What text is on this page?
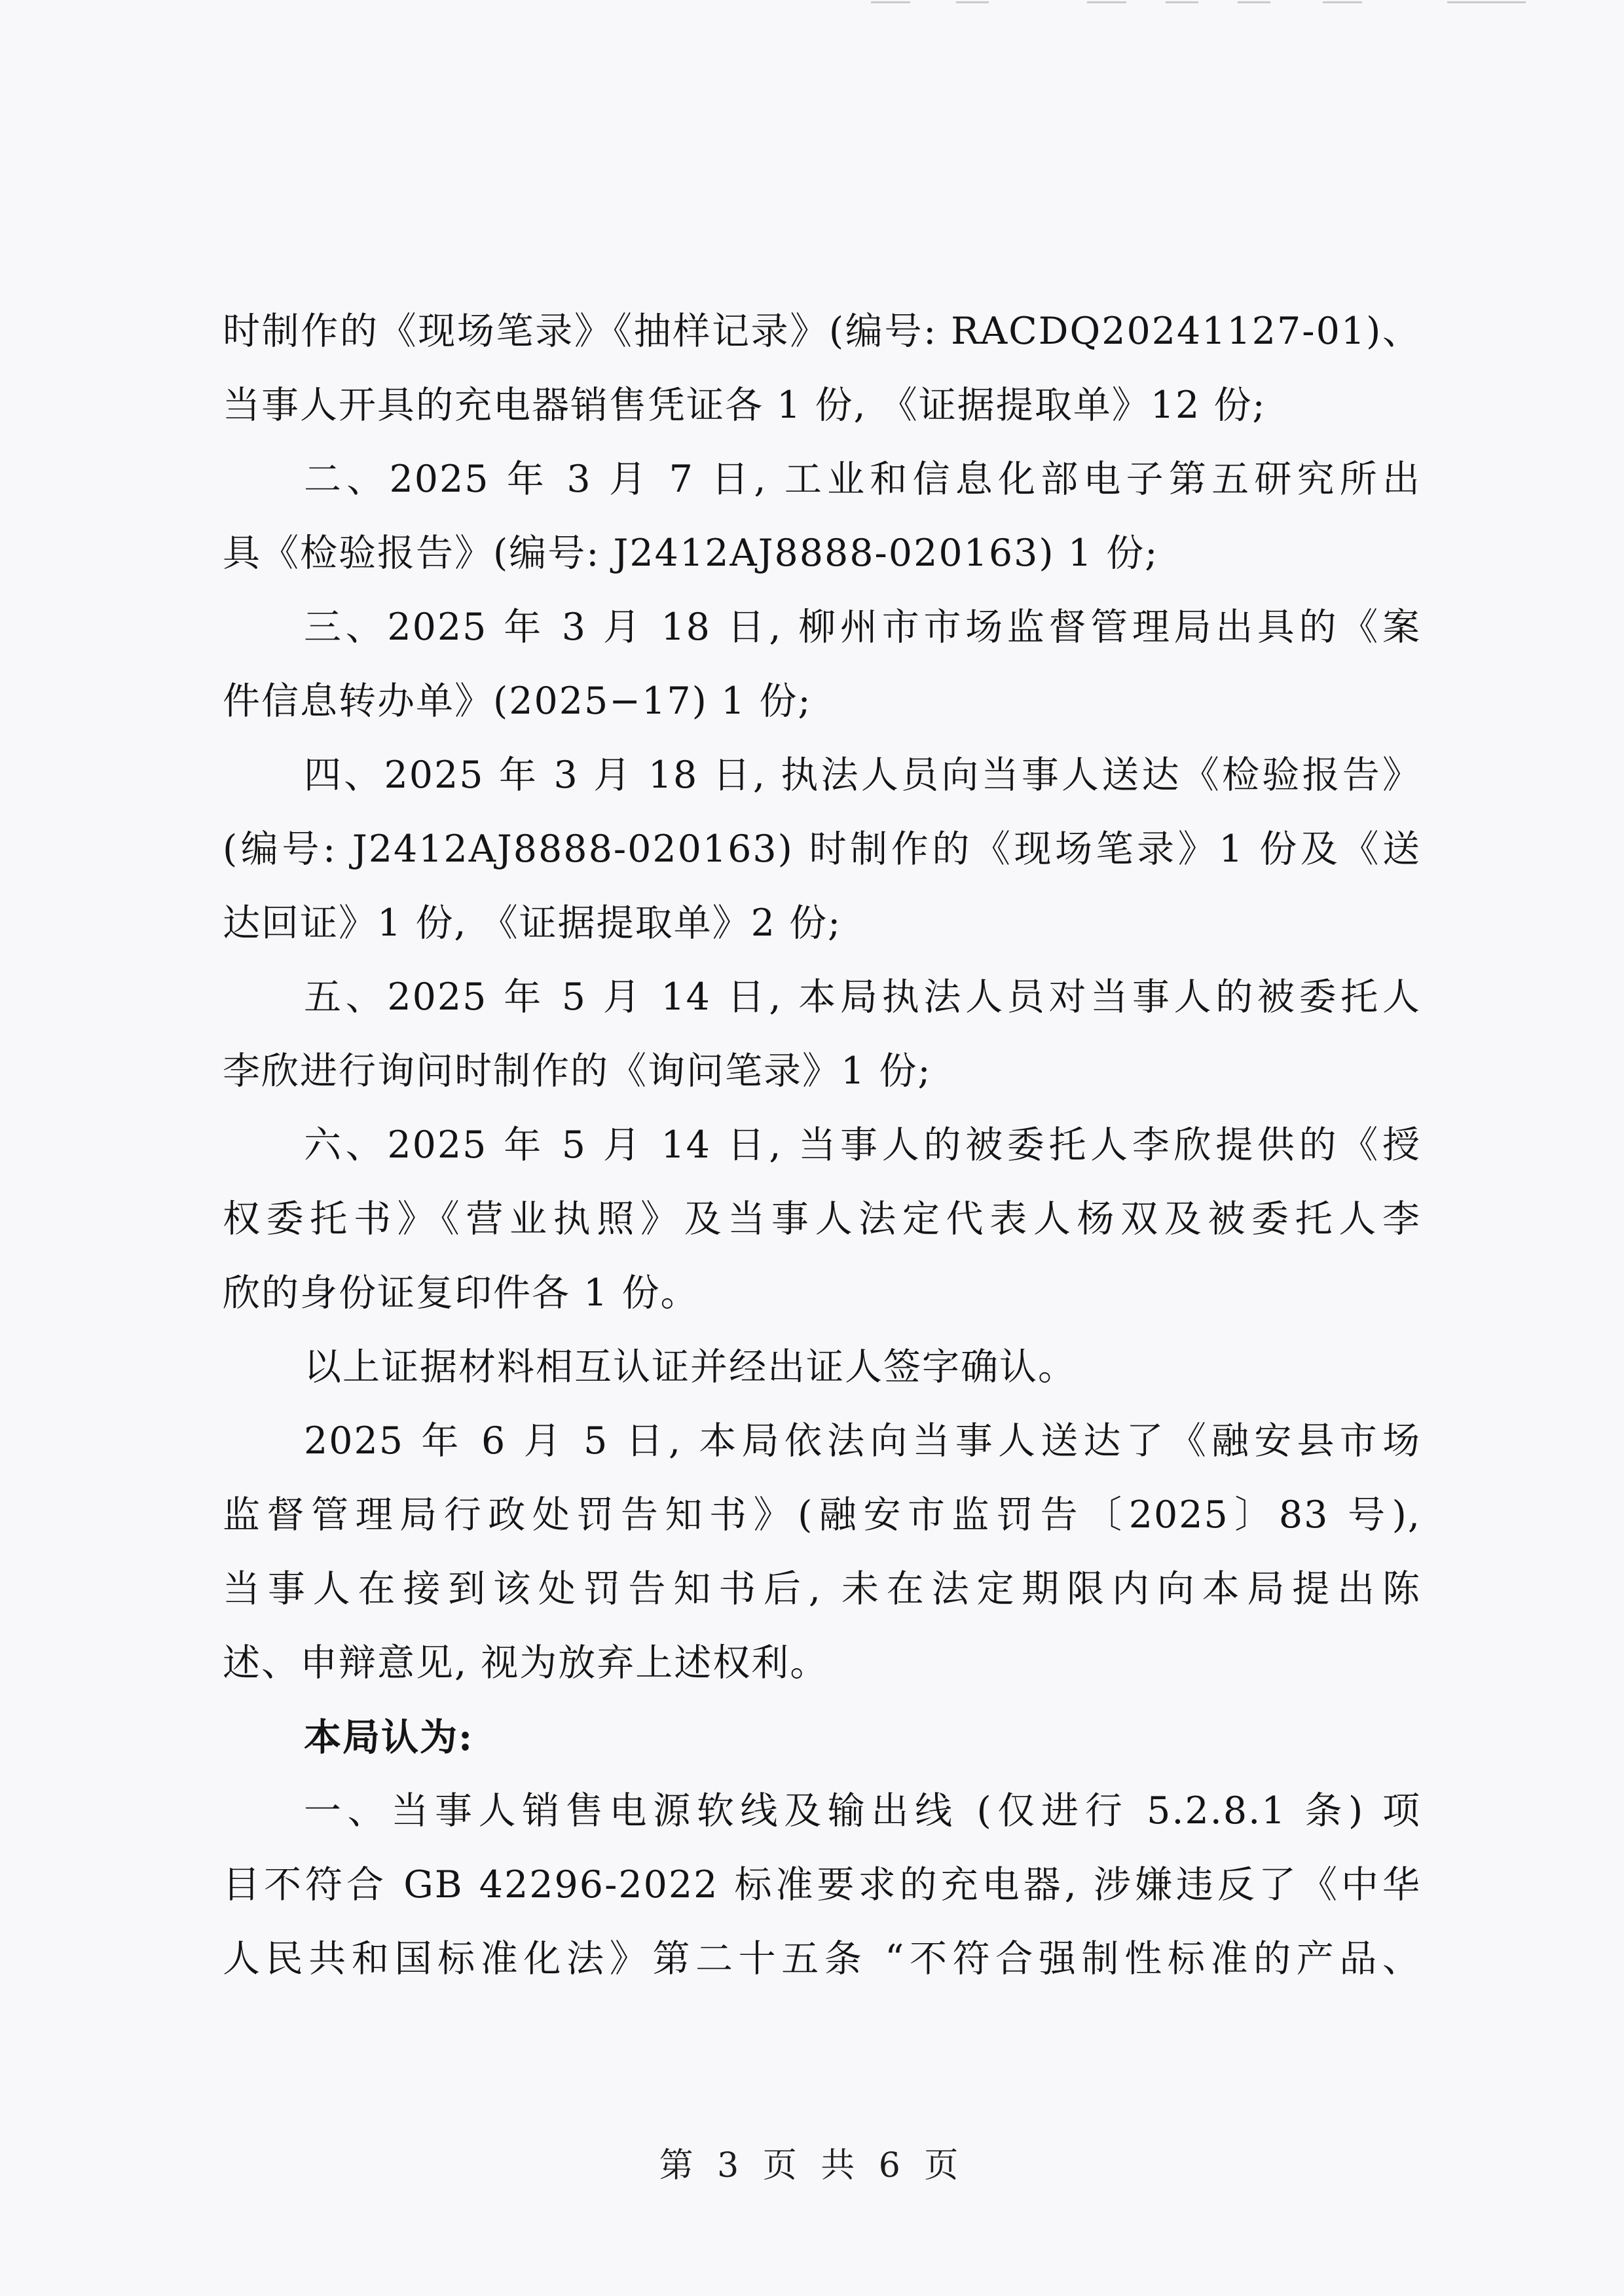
时制作的《现场笔录》《抽样记录》(编号: RACDQ20241127-01)、
当事人开具的充电器销售凭证各 1 份, 《证据提取单》12 份;
二、2025 年 3 月 7 日, 工业和信息化部电子第五研究所出
具《检验报告》(编号: J2412AJ8888-020163) 1 份;
三、2025 年 3 月 18 日, 柳州市市场监督管理局出具的《案
件信息转办单》(2025−17) 1 份;
四、2025 年 3 月 18 日, 执法人员向当事人送达《检验报告》
(编号: J2412AJ8888-020163) 时制作的《现场笔录》1 份及《送
达回证》1 份, 《证据提取单》2 份;
五、2025 年 5 月 14 日, 本局执法人员对当事人的被委托人
李欣进行询问时制作的《询问笔录》1 份;
六、2025 年 5 月 14 日, 当事人的被委托人李欣提供的《授
权委托书》《营业执照》及当事人法定代表人杨双及被委托人李
欣的身份证复印件各 1 份。
以上证据材料相互认证并经出证人签字确认。
2025 年 6 月 5 日, 本局依法向当事人送达了《融安县市场
监督管理局行政处罚告知书》(融安市监罚告〔2025〕83 号),
当事人在接到该处罚告知书后, 未在法定期限内向本局提出陈
述、申辩意见, 视为放弃上述权利。
本局认为:
一、当事人销售电源软线及输出线 (仅进行 5.2.8.1 条) 项
目不符合 GB 42296-2022 标准要求的充电器, 涉嫌违反了《中华
人民共和国标准化法》第二十五条 “不符合强制性标准的产品、
第 3 页 共 6 页
